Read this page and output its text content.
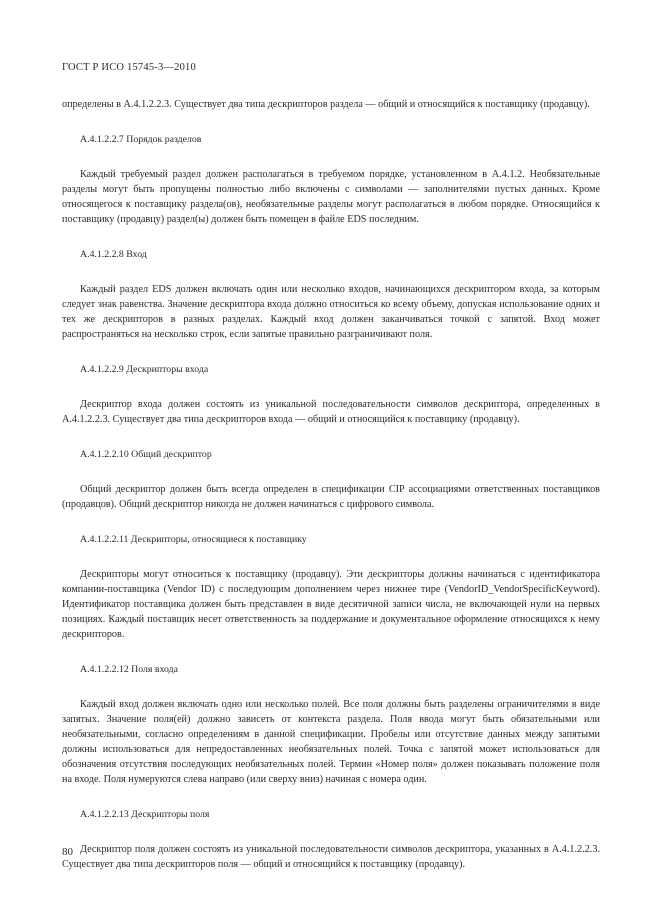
ГОСТ Р ИСО 15745-3—2010

определены в А.4.1.2.2.3. Существует два типа дескрипторов раздела — общий и относящийся к поставщику (продавцу).

А.4.1.2.2.7 Порядок разделов

Каждый требуемый раздел должен располагаться в требуемом порядке, установленном в А.4.1.2. Необязательные разделы могут быть пропущены полностью либо включены с символами — заполнителями пустых данных. Кроме относящегося к поставщику раздела(ов), необязательные разделы могут располагаться в любом порядке. Относящийся к поставщику (продавцу) раздел(ы) должен быть помещен в файле EDS последним.

А.4.1.2.2.8 Вход

Каждый раздел EDS должен включать один или несколько входов, начинающихся дескриптором входа, за которым следует знак равенства. Значение дескриптора входа должно относиться ко всему объему, допуская использование одних и тех же дескрипторов в разных разделах. Каждый вход должен заканчиваться точкой с запятой. Вход может распространяться на несколько строк, если запятые правильно разграничивают поля.

А.4.1.2.2.9 Дескрипторы входа

Дескриптор входа должен состоять из уникальной последовательности символов дескриптора, определенных в А.4.1.2.2.3. Существует два типа дескрипторов входа — общий и относящийся к поставщику (продавцу).

А.4.1.2.2.10 Общий дескриптор

Общий дескриптор должен быть всегда определен в спецификации CIP ассоциациями ответственных поставщиков (продавцов). Общий дескриптор никогда не должен начинаться с цифрового символа.

А.4.1.2.2.11 Дескрипторы, относящиеся к поставщику

Дескрипторы могут относиться к поставщику (продавцу). Эти дескрипторы должны начинаться с идентификатора компании-поставщика (Vendor ID) с последующим дополнением через нижнее тире (VendorID_VendorSpecificKeyword). Идентификатор поставщика должен быть представлен в виде десятичной записи числа, не включающей нули на первых позициях. Каждый поставщик несет ответственность за поддержание и документальное оформление относящихся к нему дескрипторов.

А.4.1.2.2.12 Поля входа

Каждый вход должен включать одно или несколько полей. Все поля должны быть разделены ограничителями в виде запятых. Значение поля(ей) должно зависеть от контекста раздела. Поля ввода могут быть обязательными или необязательными, согласно определениям в данной спецификации. Пробелы или отсутствие данных между запятыми должны использоваться для непредоставленных необязательных полей. Точка с запятой может использоваться для обозначения отсутствия последующих необязательных полей. Термин «Номер поля» должен показывать положение поля на входе. Поля нумеруются слева направо (или сверху вниз) начиная с номера один.

А.4.1.2.2.13 Дескрипторы поля

Дескриптор поля должен состоять из уникальной последовательности символов дескриптора, указанных в А.4.1.2.2.3. Существует два типа дескрипторов поля — общий и относящийся к поставщику (продавцу).

80
